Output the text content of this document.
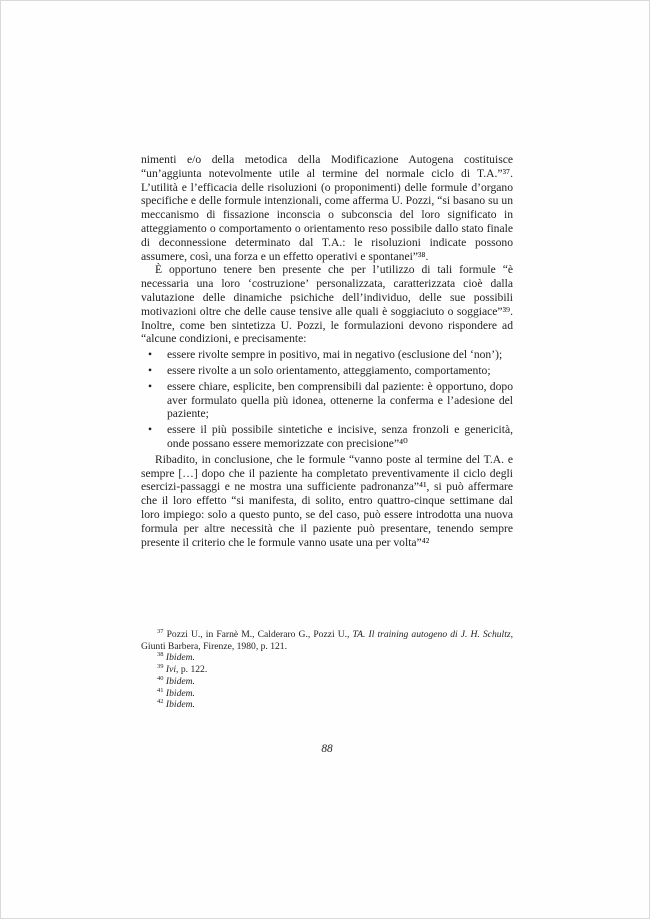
nimenti e/o della metodica della Modificazione Autogena costituisce “un’aggiunta notevolmente utile al termine del normale ciclo di T.A.”³⁷. L’utilità e l’efficacia delle risoluzioni (o proponimenti) delle formule d’organo specifiche e delle formule intenzionali, come afferma U. Pozzi, “si basano su un meccanismo di fissazione inconscia o subconscia del loro significato in atteggiamento o comportamento o orientamento reso possibile dallo stato finale di deconnessione determinato dal T.A.: le risoluzioni indicate possono assumere, così, una forza e un effetto operativi e spontanei”³⁸.

È opportuno tenere ben presente che per l’utilizzo di tali formule “è necessaria una loro ‘costruzione’ personalizzata, caratterizzata cioè dalla valutazione delle dinamiche psichiche dell’individuo, delle sue possibili motivazioni oltre che delle cause tensive alle quali è soggiaciuto o soggiace”³⁹. Inoltre, come ben sintetizza U. Pozzi, le formulazioni devono rispondere ad “alcune condizioni, e precisamente:

•	essere rivolte sempre in positivo, mai in negativo (esclusione del ‘non’);
•	essere rivolte a un solo orientamento, atteggiamento, comportamento;
•	essere chiare, esplicite, ben comprensibili dal paziente: è opportuno, dopo aver formulato quella più idonea, ottenerne la conferma e l’adesione del paziente;
•	essere il più possibile sintetiche e incisive, senza fronzoli e genericità, onde possano essere memorizzate con precisione”⁴⁰

Ribadito, in conclusione, che le formule “vanno poste al termine del T.A. e sempre […] dopo che il paziente ha completato preventivamente il ciclo degli esercizi-passaggi e ne mostra una sufficiente padronanza”⁴¹, si può affermare che il loro effetto “si manifesta, di solito, entro quattro-cinque settimane dal loro impiego: solo a questo punto, se del caso, può essere introdotta una nuova formula per altre necessità che il paziente può presentare, tenendo sempre presente il criterio che le formule vanno usate una per volta”⁴²

$^{37}$ Pozzi U., in Farnè M., Calderaro G., Pozzi U., TA. Il training autogeno di J. H. Schultz, Giunti Barbera, Firenze, 1980, p. 121.

$^{38}$ Ibidem.

$^{39}$ Ivi, p. 122.

$^{40}$ Ibidem.

$^{41}$ Ibidem.

$^{42}$ Ibidem.

88
